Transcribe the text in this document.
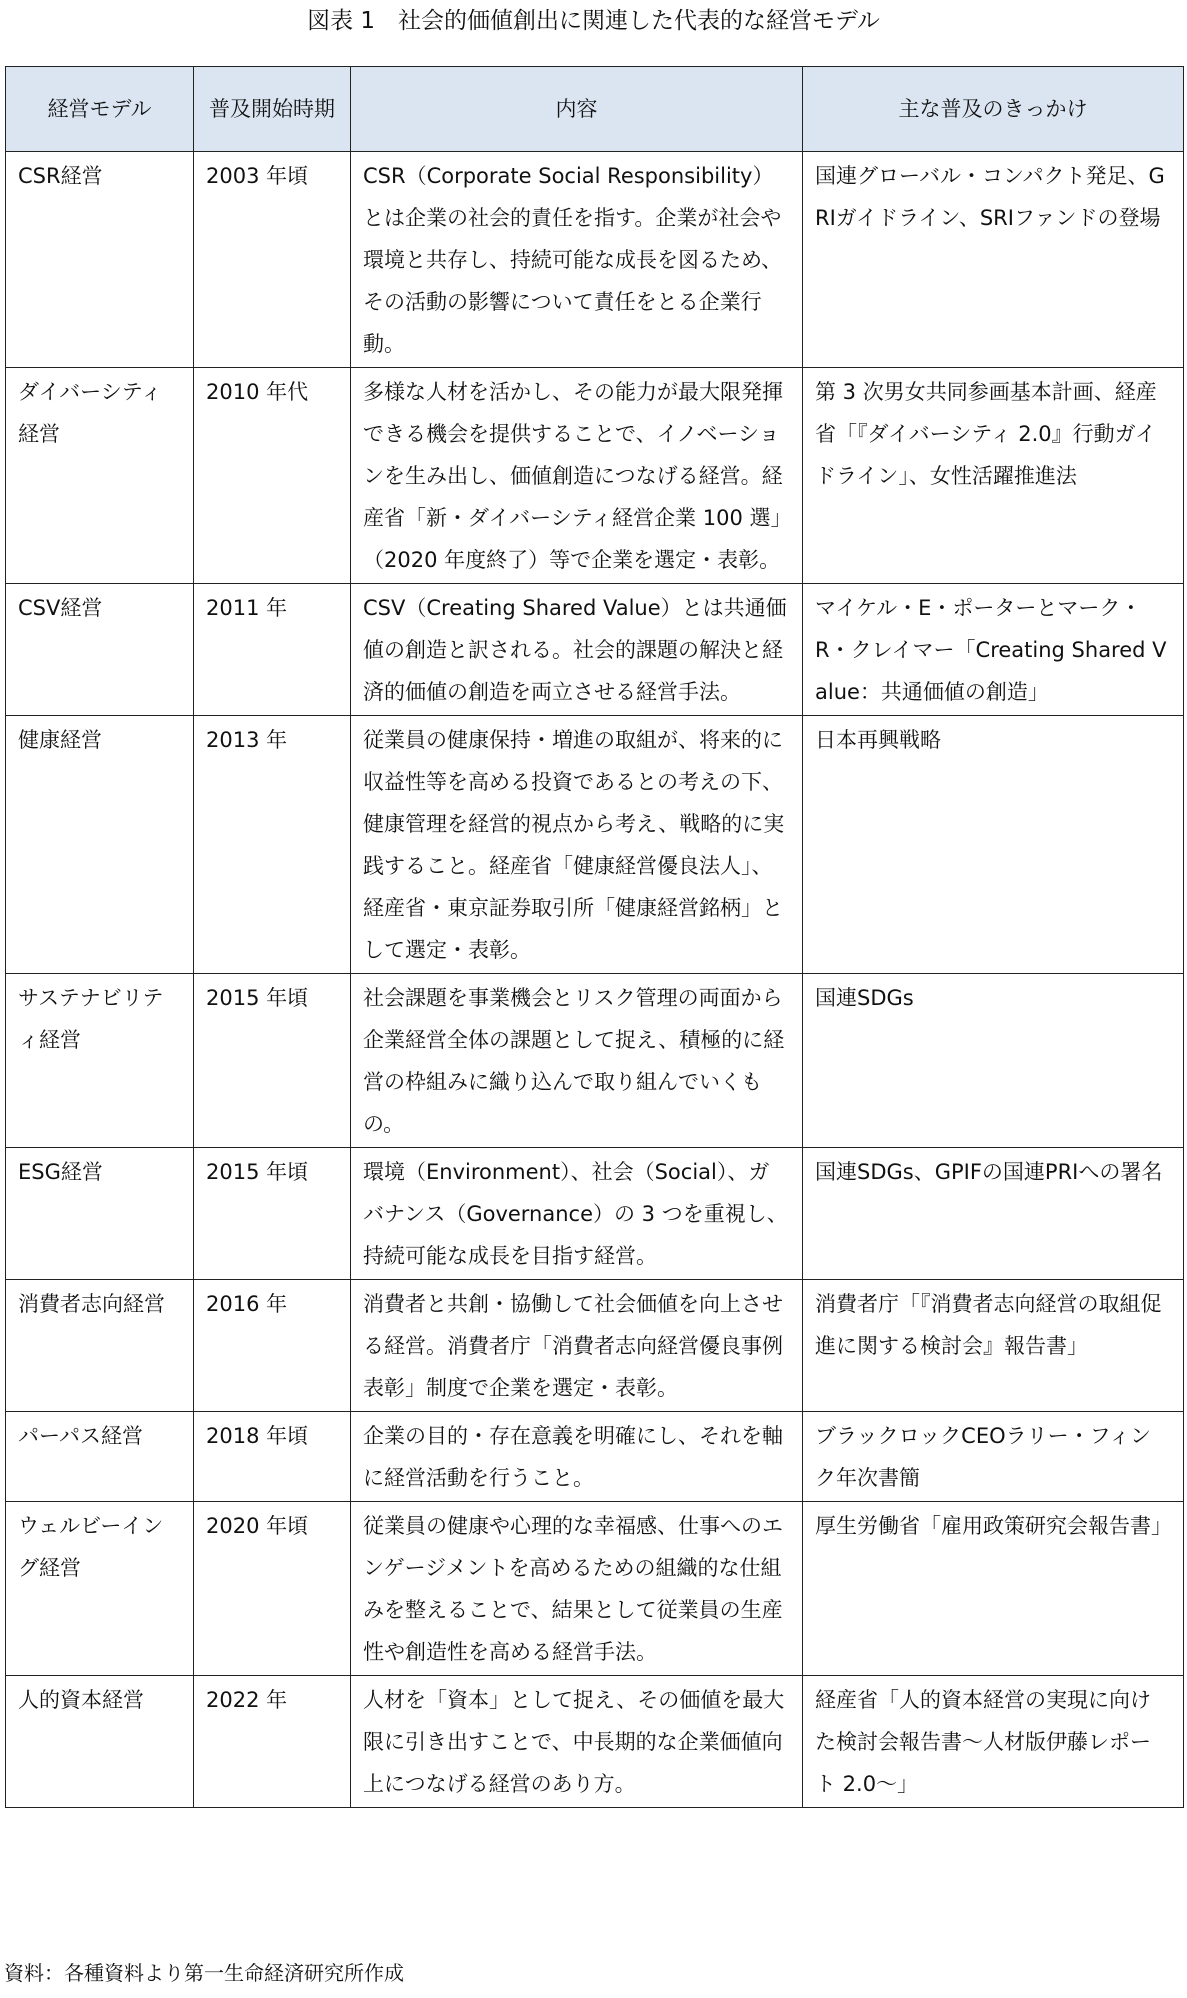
図表 1　社会的価値創出に関連した代表的な経営モデル
経営モデル	普及開始時期	内容	主な普及のきっかけ
CSR経営	2003 年頃	CSR（Corporate Social Responsibility）とは企業の社会的責任を指す。企業が社会や環境と共存し、持続可能な成長を図るため、その活動の影響について責任をとる企業行動。	国連グローバル・コンパクト発足、GRIガイドライン、SRIファンドの登場
ダイバーシティ経営	2010 年代	多様な人材を活かし、その能力が最大限発揮できる機会を提供することで、イノベーションを生み出し、価値創造につなげる経営。経産省「新・ダイバーシティ経営企業 100 選」（2020 年度終了）等で企業を選定・表彰。	第 3 次男女共同参画基本計画、経産省「『ダイバーシティ 2.0』行動ガイドライン」、女性活躍推進法
CSV経営	2011 年	CSV（Creating Shared Value）とは共通価値の創造と訳される。社会的課題の解決と経済的価値の創造を両立させる経営手法。	マイケル・E・ポーターとマーク・R・クレイマー「Creating Shared Value：共通価値の創造」
健康経営	2013 年	従業員の健康保持・増進の取組が、将来的に収益性等を高める投資であるとの考えの下、健康管理を経営的視点から考え、戦略的に実践すること。経産省「健康経営優良法人」、経産省・東京証券取引所「健康経営銘柄」として選定・表彰。	日本再興戦略
サステナビリティ経営	2015 年頃	社会課題を事業機会とリスク管理の両面から企業経営全体の課題として捉え、積極的に経営の枠組みに織り込んで取り組んでいくもの。	国連SDGs
ESG経営	2015 年頃	環境（Environment）、社会（Social）、ガバナンス（Governance）の 3 つを重視し、持続可能な成長を目指す経営。	国連SDGs、GPIFの国連PRIへの署名
消費者志向経営	2016 年	消費者と共創・協働して社会価値を向上させる経営。消費者庁「消費者志向経営優良事例表彰」制度で企業を選定・表彰。	消費者庁「『消費者志向経営の取組促進に関する検討会』報告書」
パーパス経営	2018 年頃	企業の目的・存在意義を明確にし、それを軸に経営活動を行うこと。	ブラックロックCEOラリー・フィンク年次書簡
ウェルビーイング経営	2020 年頃	従業員の健康や心理的な幸福感、仕事へのエンゲージメントを高めるための組織的な仕組みを整えることで、結果として従業員の生産性や創造性を高める経営手法。	厚生労働省「雇用政策研究会報告書」
人的資本経営	2022 年	人材を「資本」として捉え、その価値を最大限に引き出すことで、中長期的な企業価値向上につなげる経営のあり方。	経産省「人的資本経営の実現に向けた検討会報告書～人材版伊藤レポート 2.0～」

資料：各種資料より第一生命経済研究所作成
